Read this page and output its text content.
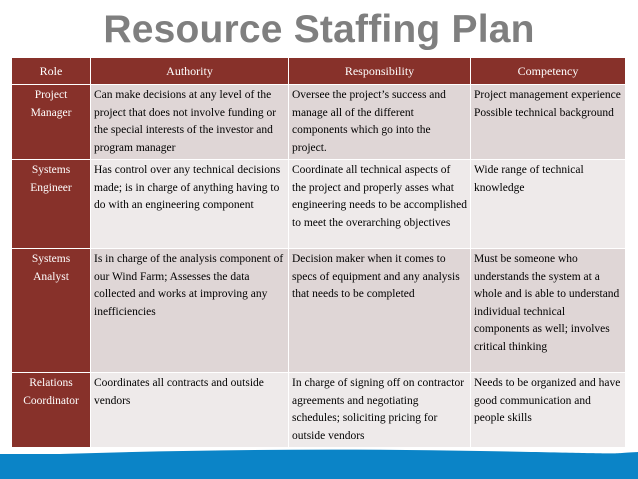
Resource Staffing Plan
Role	Authority	Responsibility	Competency

Project
Manager	Can make decisions at any level of the project that does not involve funding or the special interests of the investor and program manager	Oversee the project’s success and manage all of the different components which go into the project.	Project management experience Possible technical background

Systems
Engineer	Has control over any technical decisions made; is in charge of anything having to do with an engineering component	Coordinate all technical aspects of the project and properly asses what engineering needs to be accomplished to meet the overarching objectives	Wide range of technical knowledge

Systems
Analyst	Is in charge of the analysis component of our Wind Farm; Assesses the data collected and works at improving any inefficiencies	Decision maker when it comes to specs of equipment and any analysis that needs to be completed	Must be someone who understands the system at a whole and is able to understand individual technical components as well; involves critical thinking

Relations
Coordinator	Coordinates all contracts and outside vendors	In charge of signing off on contractor agreements and negotiating schedules; soliciting pricing for outside vendors	Needs to be organized and have good communication and people skills
